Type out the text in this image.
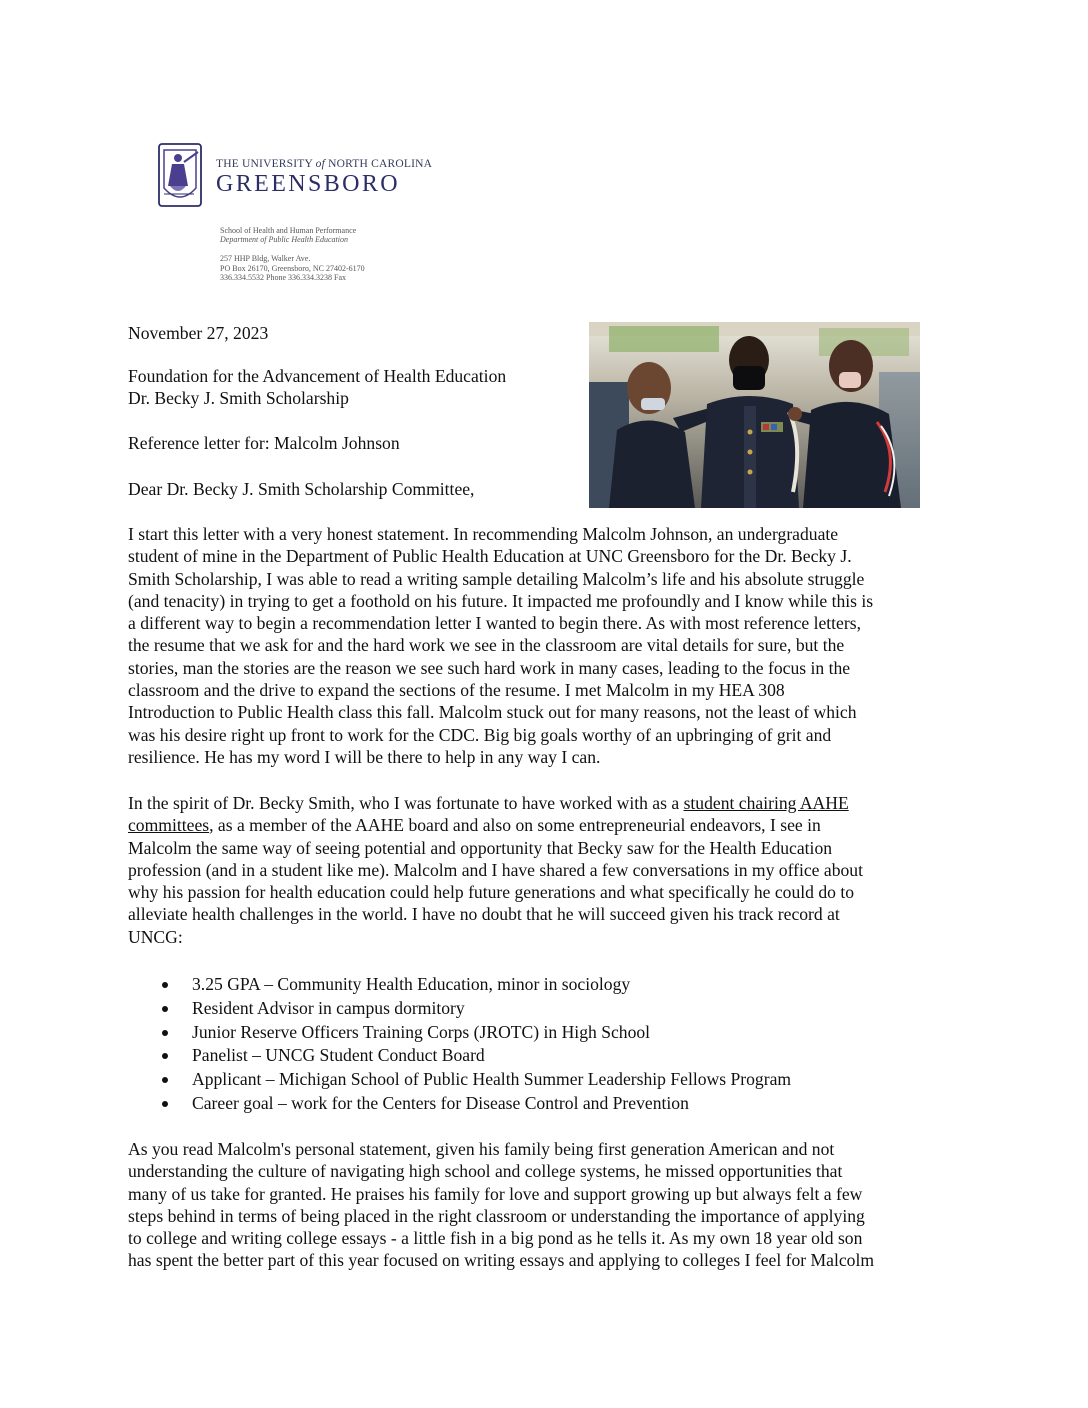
THE UNIVERSITY of NORTH CAROLINA
GREENSBORO
School of Health and Human Performance
Department of Public Health Education
257 HHP Bldg, Walker Ave.
PO Box 26170, Greensboro, NC 27402-6170
336.334.5532 Phone 336.334.3238 Fax
November 27, 2023
Foundation for the Advancement of Health Education
Dr. Becky J. Smith Scholarship
Reference letter for: Malcolm Johnson
Dear Dr. Becky J. Smith Scholarship Committee,
I start this letter with a very honest statement. In recommending Malcolm Johnson, an undergraduate
student of mine in the Department of Public Health Education at UNC Greensboro for the Dr. Becky J.
Smith Scholarship, I was able to read a writing sample detailing Malcolm’s life and his absolute struggle
(and tenacity) in trying to get a foothold on his future. It impacted me profoundly and I know while this is
a different way to begin a recommendation letter I wanted to begin there. As with most reference letters,
the resume that we ask for and the hard work we see in the classroom are vital details for sure, but the
stories, man the stories are the reason we see such hard work in many cases, leading to the focus in the
classroom and the drive to expand the sections of the resume. I met Malcolm in my HEA 308
Introduction to Public Health class this fall. Malcolm stuck out for many reasons, not the least of which
was his desire right up front to work for the CDC. Big big goals worthy of an upbringing of grit and
resilience. He has my word I will be there to help in any way I can.
In the spirit of Dr. Becky Smith, who I was fortunate to have worked with as a student chairing AAHE
committees, as a member of the AAHE board and also on some entrepreneurial endeavors, I see in
Malcolm the same way of seeing potential and opportunity that Becky saw for the Health Education
profession (and in a student like me). Malcolm and I have shared a few conversations in my office about
why his passion for health education could help future generations and what specifically he could do to
alleviate health challenges in the world. I have no doubt that he will succeed given his track record at
UNCG:
3.25 GPA – Community Health Education, minor in sociology
Resident Advisor in campus dormitory
Junior Reserve Officers Training Corps (JROTC) in High School
Panelist – UNCG Student Conduct Board
Applicant – Michigan School of Public Health Summer Leadership Fellows Program
Career goal – work for the Centers for Disease Control and Prevention
As you read Malcolm's personal statement, given his family being first generation American and not
understanding the culture of navigating high school and college systems, he missed opportunities that
many of us take for granted. He praises his family for love and support growing up but always felt a few
steps behind in terms of being placed in the right classroom or understanding the importance of applying
to college and writing college essays - a little fish in a big pond as he tells it. As my own 18 year old son
has spent the better part of this year focused on writing essays and applying to colleges I feel for Malcolm
